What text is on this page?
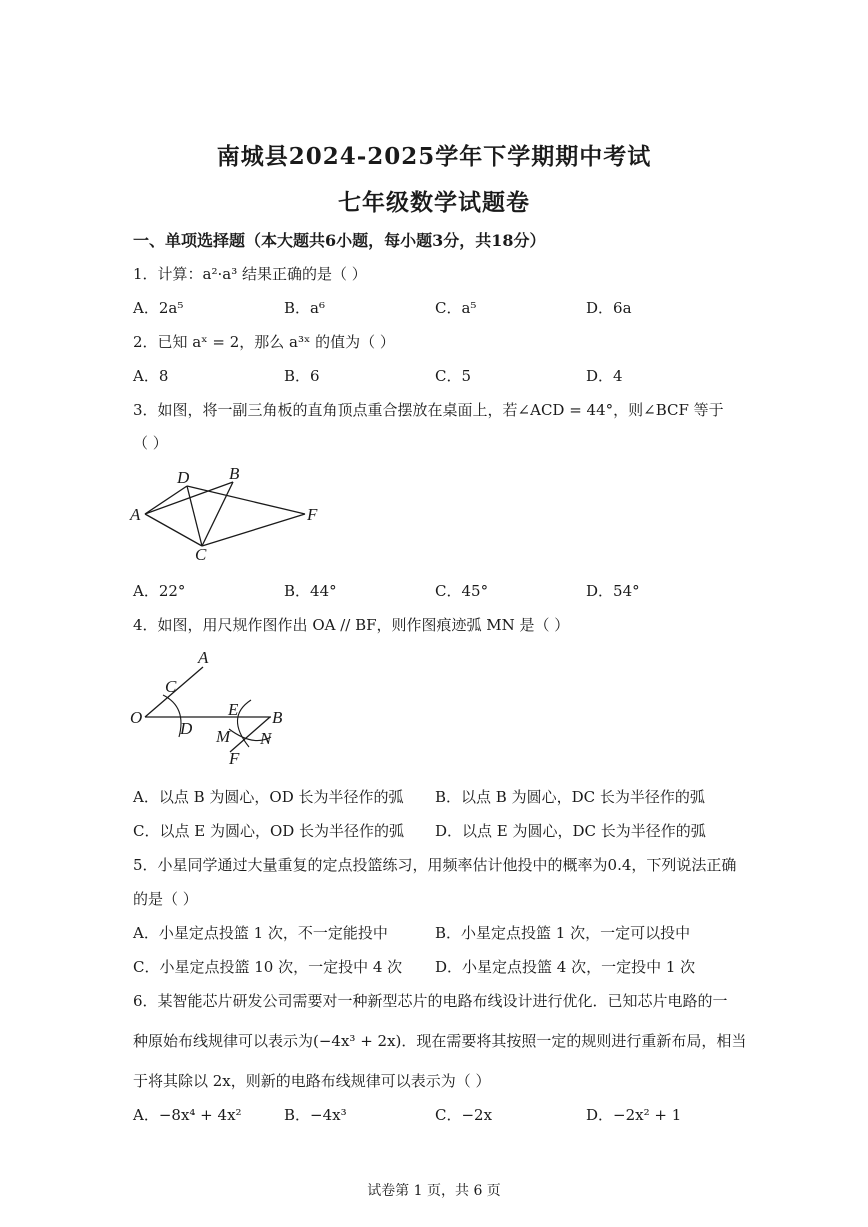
南城县2024-2025学年下学期期中考试
七年级数学试题卷
一、单项选择题（本大题共6小题，每小题3分，共18分）
1．计算：a²·a³ 结果正确的是（ ）
A．2a⁵	B．a⁶	C．a⁵	D．6a
2．已知 aˣ = 2，那么 a³ˣ 的值为（ ）
A．8	B．6	C．5	D．4
3．如图，将一副三角板的直角顶点重合摆放在桌面上，若∠ACD = 44°，则∠BCF 等于
（ ）
D B
A	F
C
A．22°	B．44°	C．45°	D．54°
4．如图，用尺规作图作出 OA // BF，则作图痕迹弧 MN 是（ ）
A
C
O
D
E B
M N
F
A．以点 B 为圆心，OD 长为半径作的弧 B．以点 B 为圆心，DC 长为半径作的弧
C．以点 E 为圆心，OD 长为半径作的弧 D．以点 E 为圆心，DC 长为半径作的弧
5．小星同学通过大量重复的定点投篮练习，用频率估计他投中的概率为0.4，下列说法正确
的是（ ）
A．小星定点投篮 1 次，不一定能投中	B．小星定点投篮 1 次，一定可以投中
C．小星定点投篮 10 次，一定投中 4 次 D．小星定点投篮 4 次，一定投中 1 次
6．某智能芯片研发公司需要对一种新型芯片的电路布线设计进行优化．已知芯片电路的一
种原始布线规律可以表示为(−4x³ + 2x)．现在需要将其按照一定的规则进行重新布局，相当
于将其除以 2x，则新的电路布线规律可以表示为（ ）
A．−8x⁴ + 4x²	B．−4x³	C．−2x	D．−2x² + 1
试卷第 1 页，共 6 页
